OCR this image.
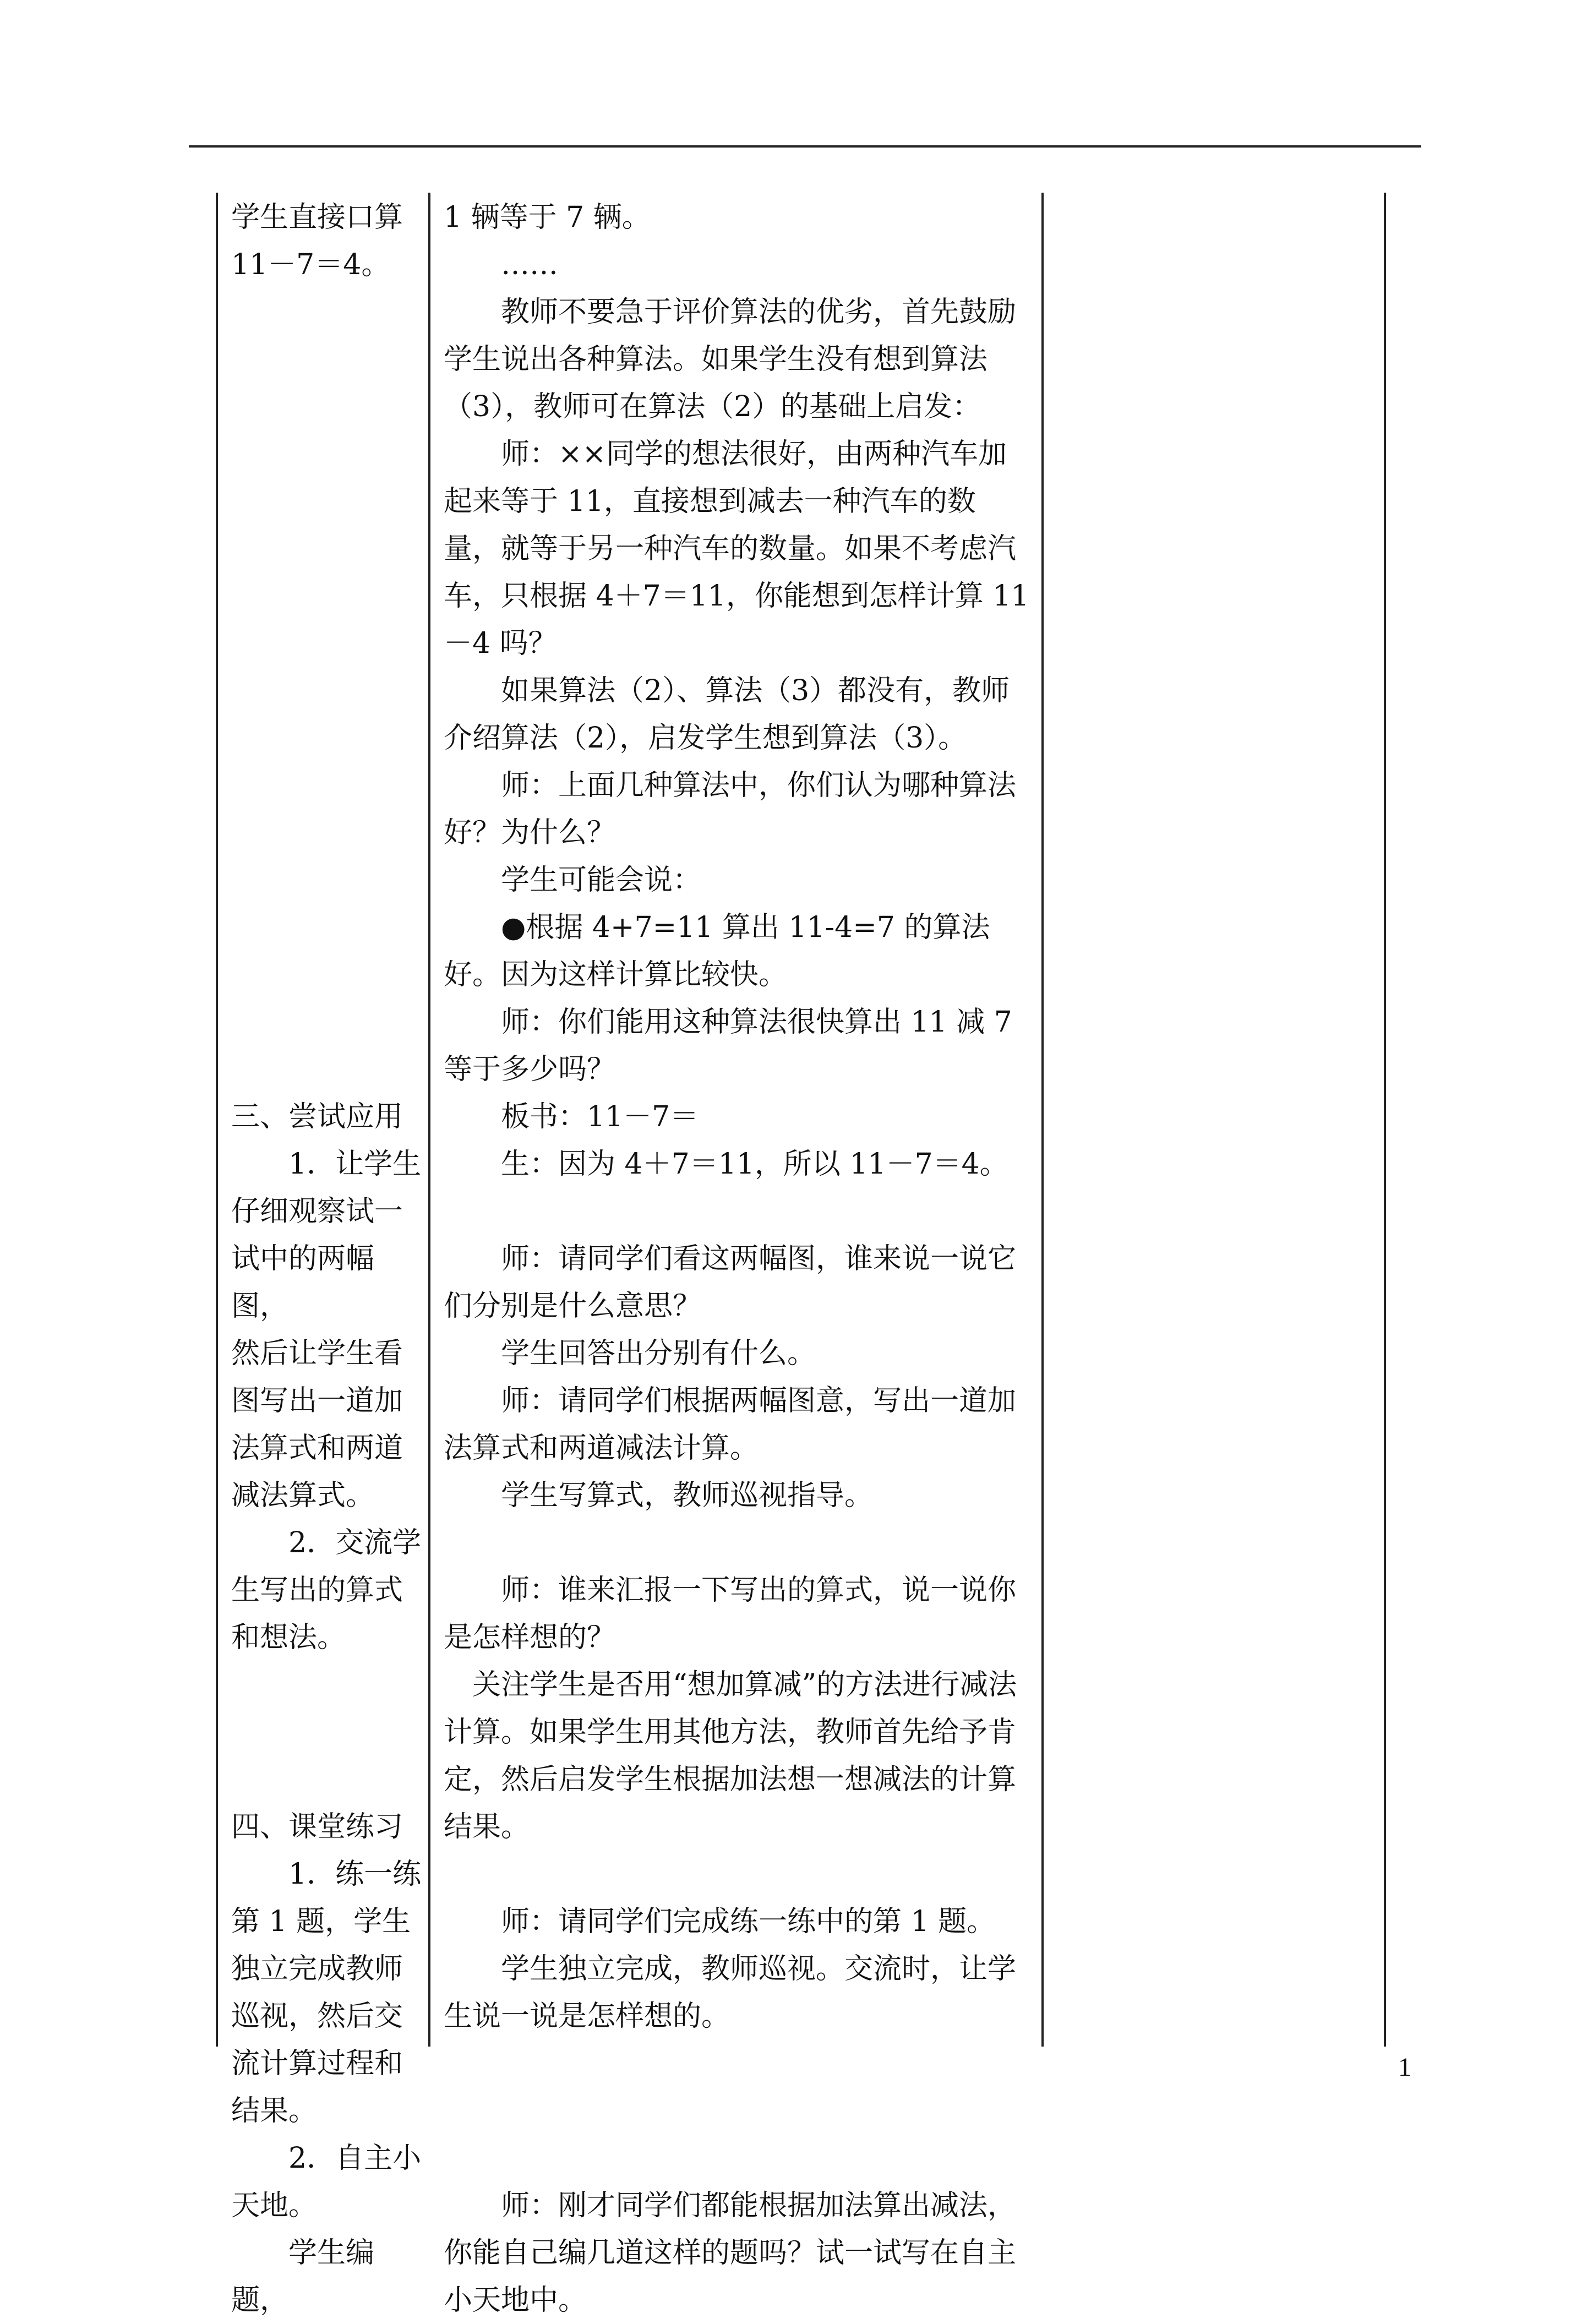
学生直接口算
11－7＝4。

三、尝试应用
　　1．让学生
仔细观察试一
试中的两幅图，
然后让学生看
图写出一道加
法算式和两道
减法算式。
　　2．交流学
生写出的算式
和想法。

四、课堂练习
　　1．练一练
第 1 题，学生
独立完成教师
巡视，然后交
流计算过程和
结果。
　　2．自主小
天地。
　　学生编题，
1 辆等于 7 辆。
……
教师不要急于评价算法的优劣，首先鼓励学生说出各种算法。如果学生没有想到算法（3），教师可在算法（2）的基础上启发：
师：××同学的想法很好，由两种汽车加起来等于 11，直接想到减去一种汽车的数量，就等于另一种汽车的数量。如果不考虑汽车，只根据 4＋7＝11，你能想到怎样计算 11－4 吗？
如果算法（2）、算法（3）都没有，教师介绍算法（2），启发学生想到算法（3）。
师：上面几种算法中，你们认为哪种算法好？为什么？
学生可能会说：
●根据 4+7=11 算出 11-4=7 的算法好。因为这样计算比较快。
师：你们能用这种算法很快算出 11 减 7 等于多少吗？
板书：11－7＝
生：因为 4＋7＝11，所以 11－7＝4。

师：请同学们看这两幅图，谁来说一说它们分别是什么意思？
学生回答出分别有什么。
师：请同学们根据两幅图意，写出一道加法算式和两道减法计算。
学生写算式，教师巡视指导。

师：谁来汇报一下写出的算式，说一说你是怎样想的？
关注学生是否用“想加算减”的方法进行减法计算。如果学生用其他方法，教师首先给予肯定，然后启发学生根据加法想一想减法的计算结果。

师：请同学们完成练一练中的第 1 题。
学生独立完成，教师巡视。交流时，让学生说一说是怎样想的。

师：刚才同学们都能根据加法算出减法，你能自己编几道这样的题吗？试一试写在自主小天地中。
1
